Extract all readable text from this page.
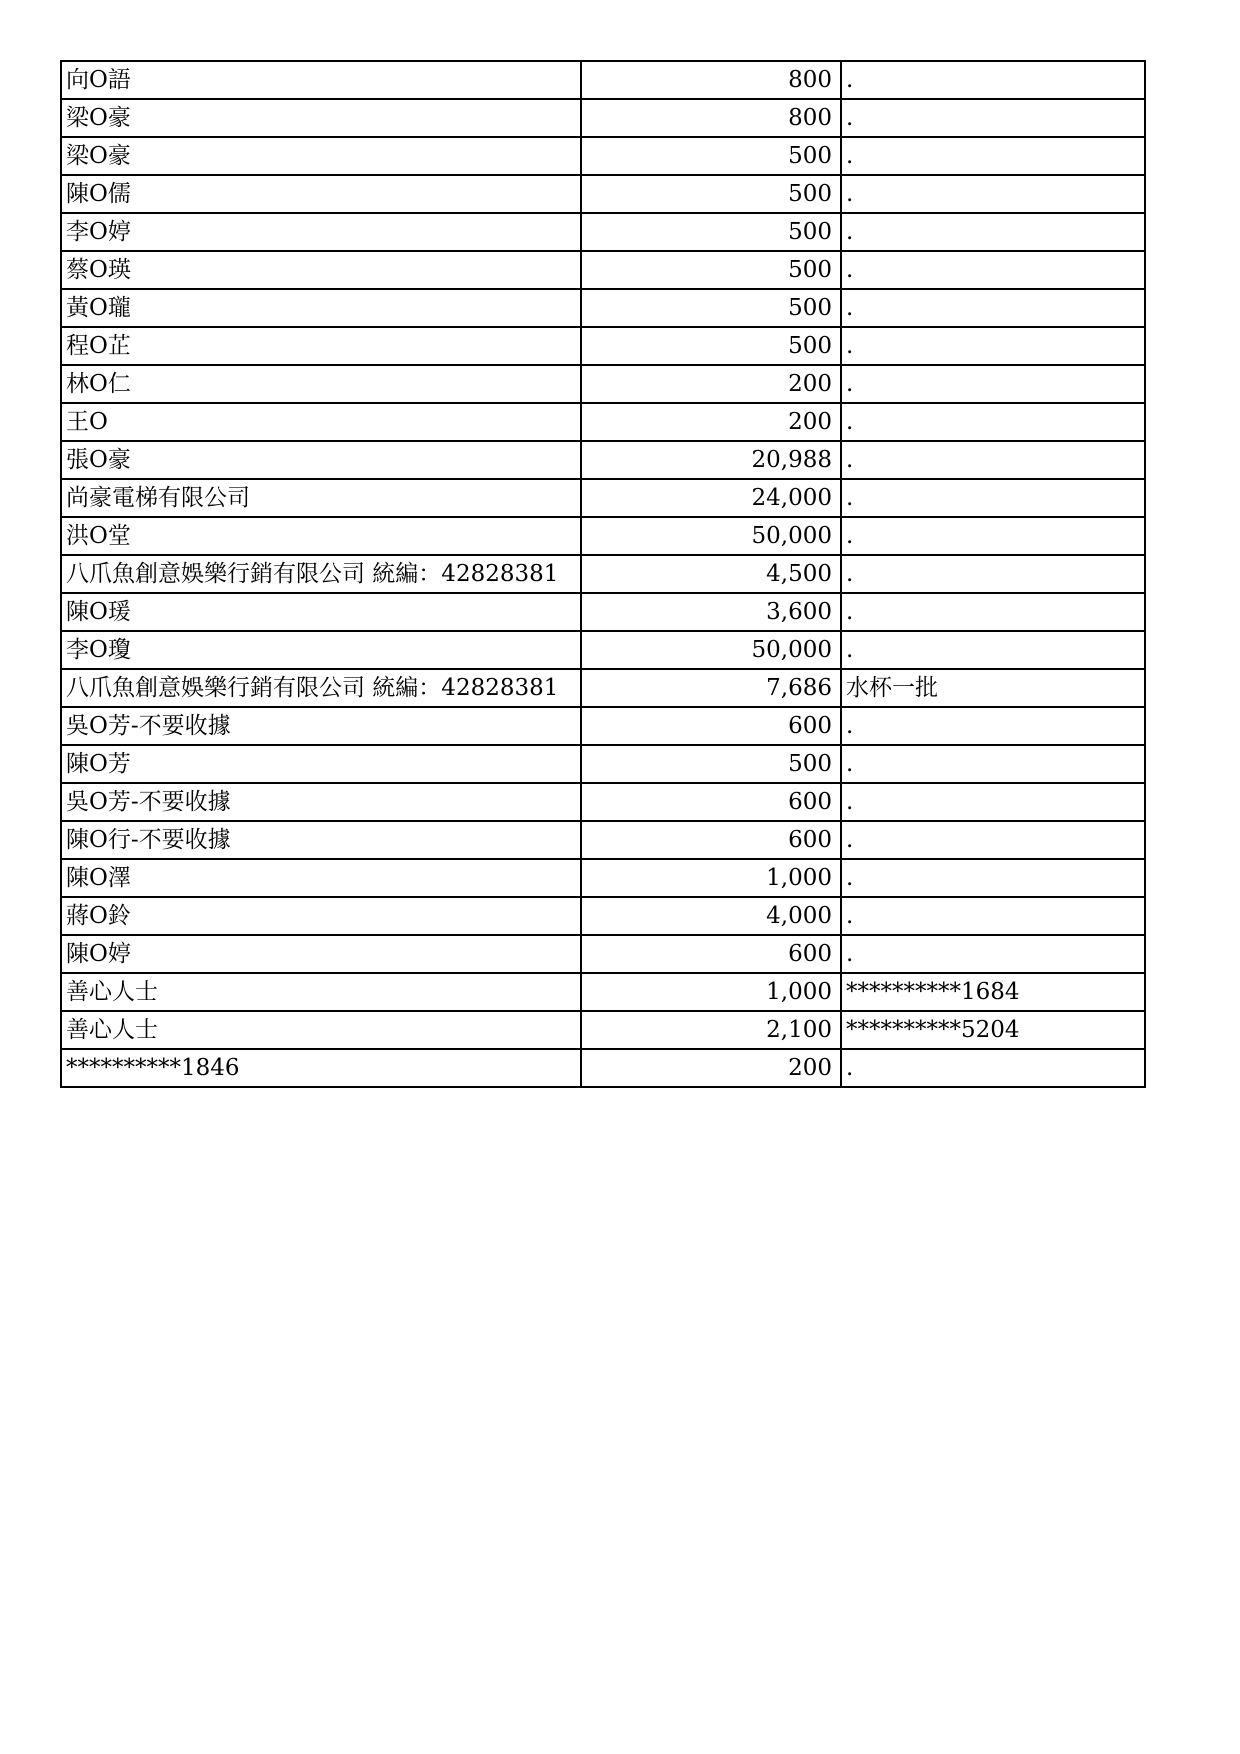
向O語	800	.
梁O豪	800	.
梁O豪	500	.
陳O儒	500	.
李O婷	500	.
蔡O瑛	500	.
黃O瓏	500	.
程O芷	500	.
林O仁	200	.
王O	200	.
張O豪	20,988	.
尚豪電梯有限公司	24,000	.
洪O堂	50,000	.
八爪魚創意娛樂行銷有限公司 統編：42828381	4,500	.
陳O瑗	3,600	.
李O瓊	50,000	.
八爪魚創意娛樂行銷有限公司 統編：42828381	7,686	水杯一批
吳O芳-不要收據	600	.
陳O芳	500	.
吳O芳-不要收據	600	.
陳O行-不要收據	600	.
陳O澤	1,000	.
蔣O鈴	4,000	.
陳O婷	600	.
善心人士	1,000	**********1684
善心人士	2,100	**********5204
**********1846	200	.
